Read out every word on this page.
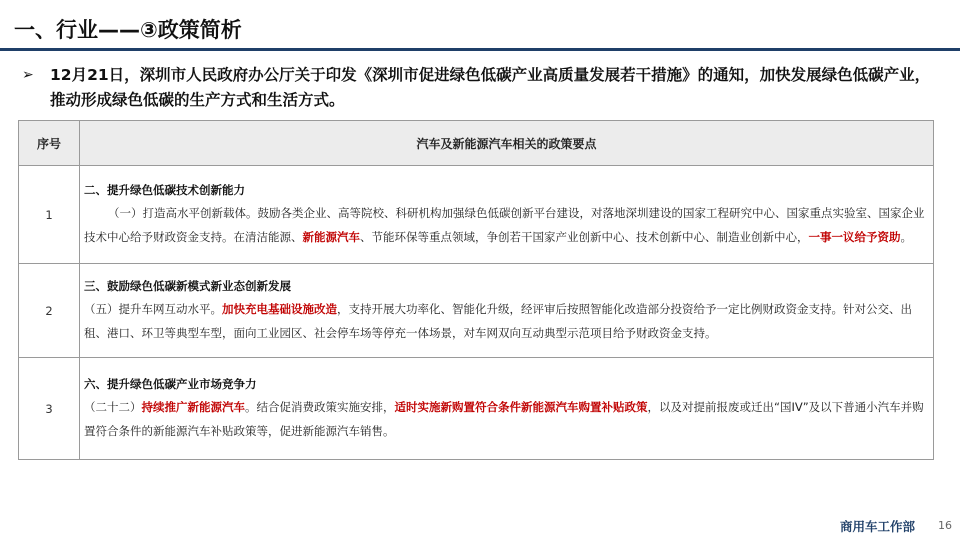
一、行业——③政策简析
➢ 12月21日，深圳市人民政府办公厅关于印发《深圳市促进绿色低碳产业高质量发展若干措施》的通知，加快发展绿色低碳产业，推动形成绿色低碳的生产方式和生活方式。
序号	汽车及新能源汽车相关的政策要点
1	二、提升绿色低碳技术创新能力
（一）打造高水平创新载体。鼓励各类企业、高等院校、科研机构加强绿色低碳创新平台建设，对落地深圳建设的国家工程研究中心、国家重点实验室、国家企业技术中心给予财政资金支持。在清洁能源、新能源汽车、节能环保等重点领域，争创若干国家产业创新中心、技术创新中心、制造业创新中心，一事一议给予资助。

2	三、鼓励绿色低碳新模式新业态创新发展
（五）提升车网互动水平。加快充电基础设施改造，支持开展大功率化、智能化升级，经评审后按照智能化改造部分投资给予一定比例财政资金支持。针对公交、出租、港口、环卫等典型车型，面向工业园区、社会停车场等停充一体场景，对车网双向互动典型示范项目给予财政资金支持。

3	六、提升绿色低碳产业市场竞争力
（二十二）持续推广新能源汽车。结合促消费政策实施安排，适时实施新购置符合条件新能源汽车购置补贴政策，以及对提前报废或迁出“国IV”及以下普通小汽车并购置符合条件的新能源汽车补贴政策等，促进新能源汽车销售。
商用车工作部 16
